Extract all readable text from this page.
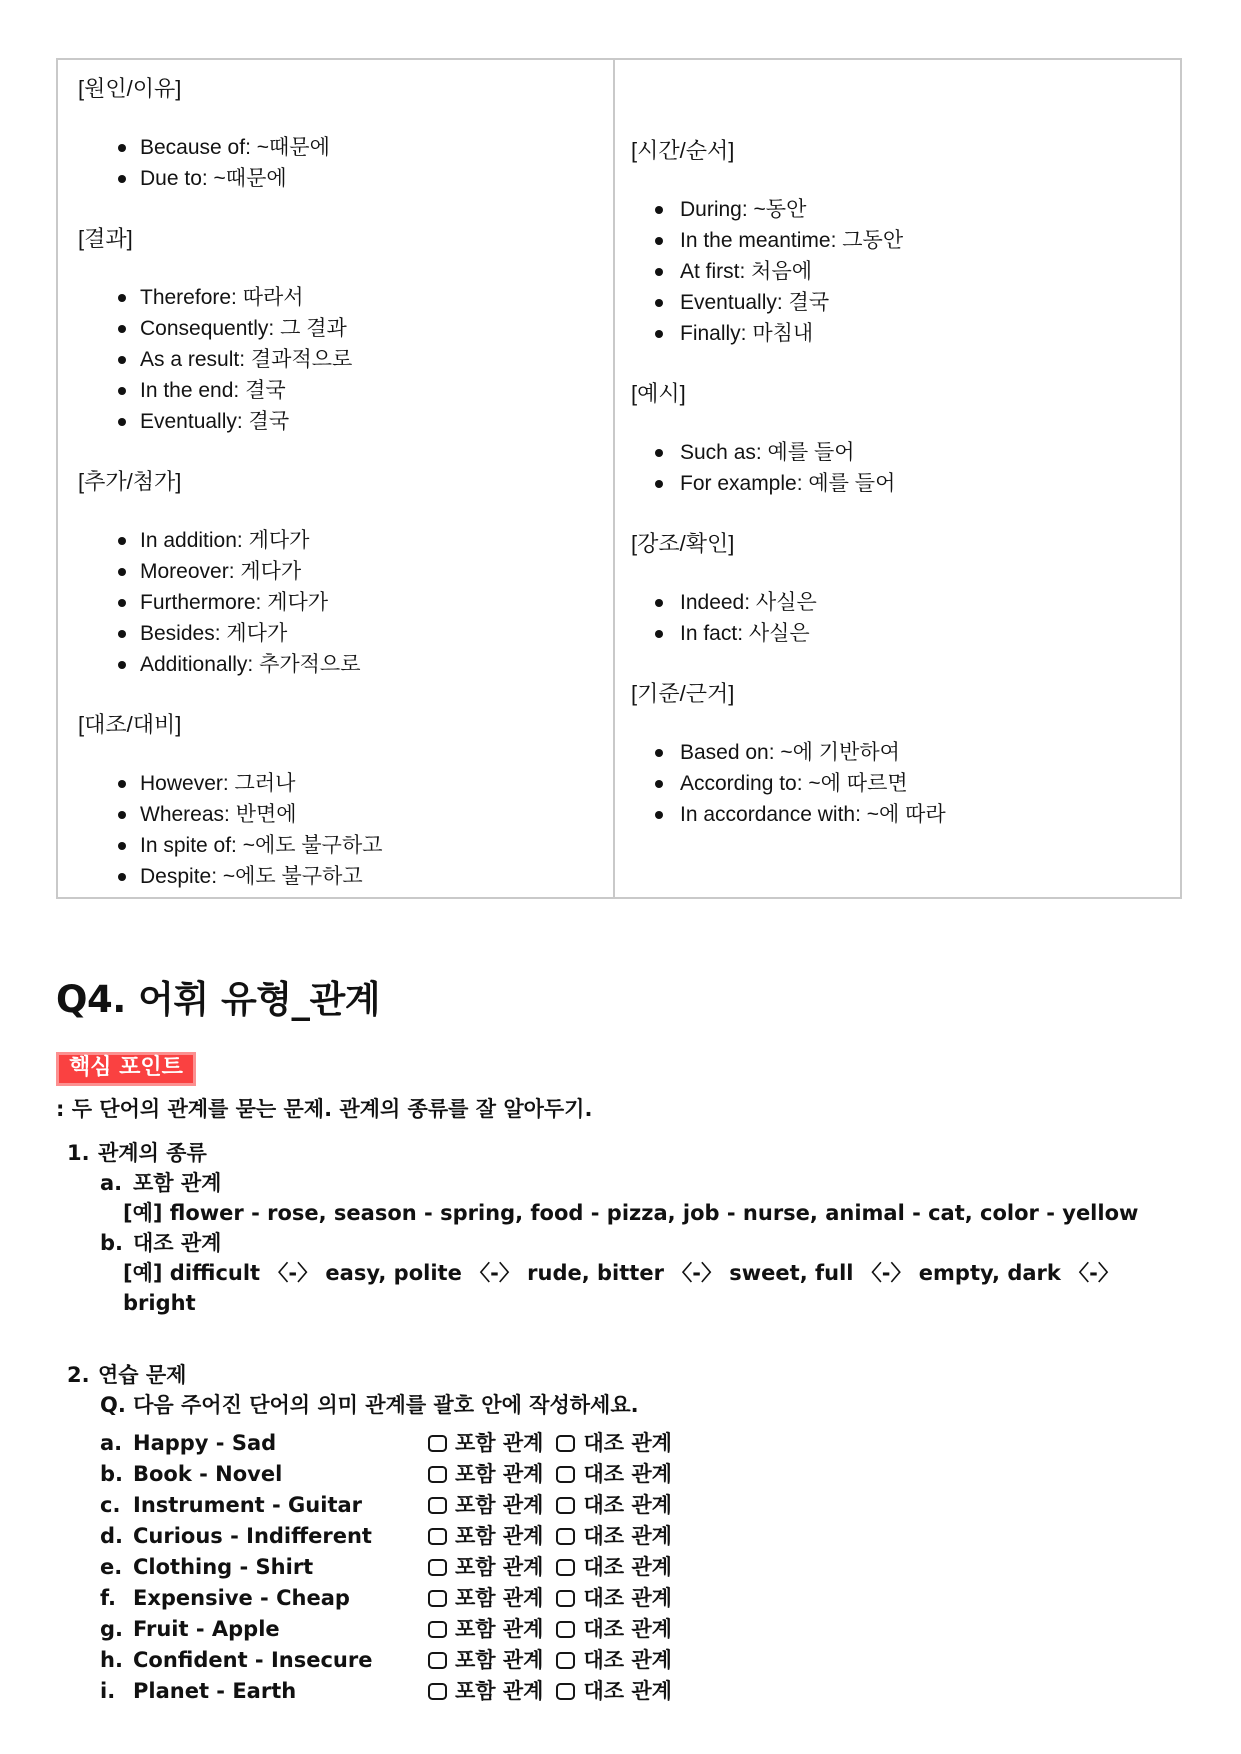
[원인/이유]
Because of: ~때문에
Due to: ~때문에
[결과]
Therefore: 따라서
Consequently: 그 결과
As a result: 결과적으로
In the end: 결국
Eventually: 결국
[추가/첨가]
In addition: 게다가
Moreover: 게다가
Furthermore: 게다가
Besides: 게다가
Additionally: 추가적으로
[대조/대비]
However: 그러나
Whereas: 반면에
In spite of: ~에도 불구하고
Despite: ~에도 불구하고
[시간/순서]
During: ~동안
In the meantime: 그동안
At first: 처음에
Eventually: 결국
Finally: 마침내
[예시]
Such as: 예를 들어
For example: 예를 들어
[강조/확인]
Indeed: 사실은
In fact: 사실은
[기준/근거]
Based on: ~에 기반하여
According to: ~에 따르면
In accordance with: ~에 따라
Q4. 어휘 유형_관계
핵심 포인트
: 두 단어의 관계를 묻는 문제. 관계의 종류를 잘 알아두기.
1. 관계의 종류
a. 포함 관계
[예] flower - rose, season - spring, food - pizza, job - nurse, animal - cat, color - yellow
b. 대조 관계
[예] difficult 〈-〉 easy, polite 〈-〉 rude, bitter 〈-〉 sweet, full 〈-〉 empty, dark 〈-〉 bright
2. 연습 문제
Q. 다음 주어진 단어의 의미 관계를 괄호 안에 작성하세요.
a. Happy - Sad	포함 관계 대조 관계
b. Book - Novel	포함 관계 대조 관계
c. Instrument - Guitar	포함 관계 대조 관계
d. Curious - Indifferent	포함 관계 대조 관계
e. Clothing - Shirt	포함 관계 대조 관계
f. Expensive - Cheap	포함 관계 대조 관계
g. Fruit - Apple	포함 관계 대조 관계
h. Confident - Insecure	포함 관계 대조 관계
i. Planet - Earth	포함 관계 대조 관계
